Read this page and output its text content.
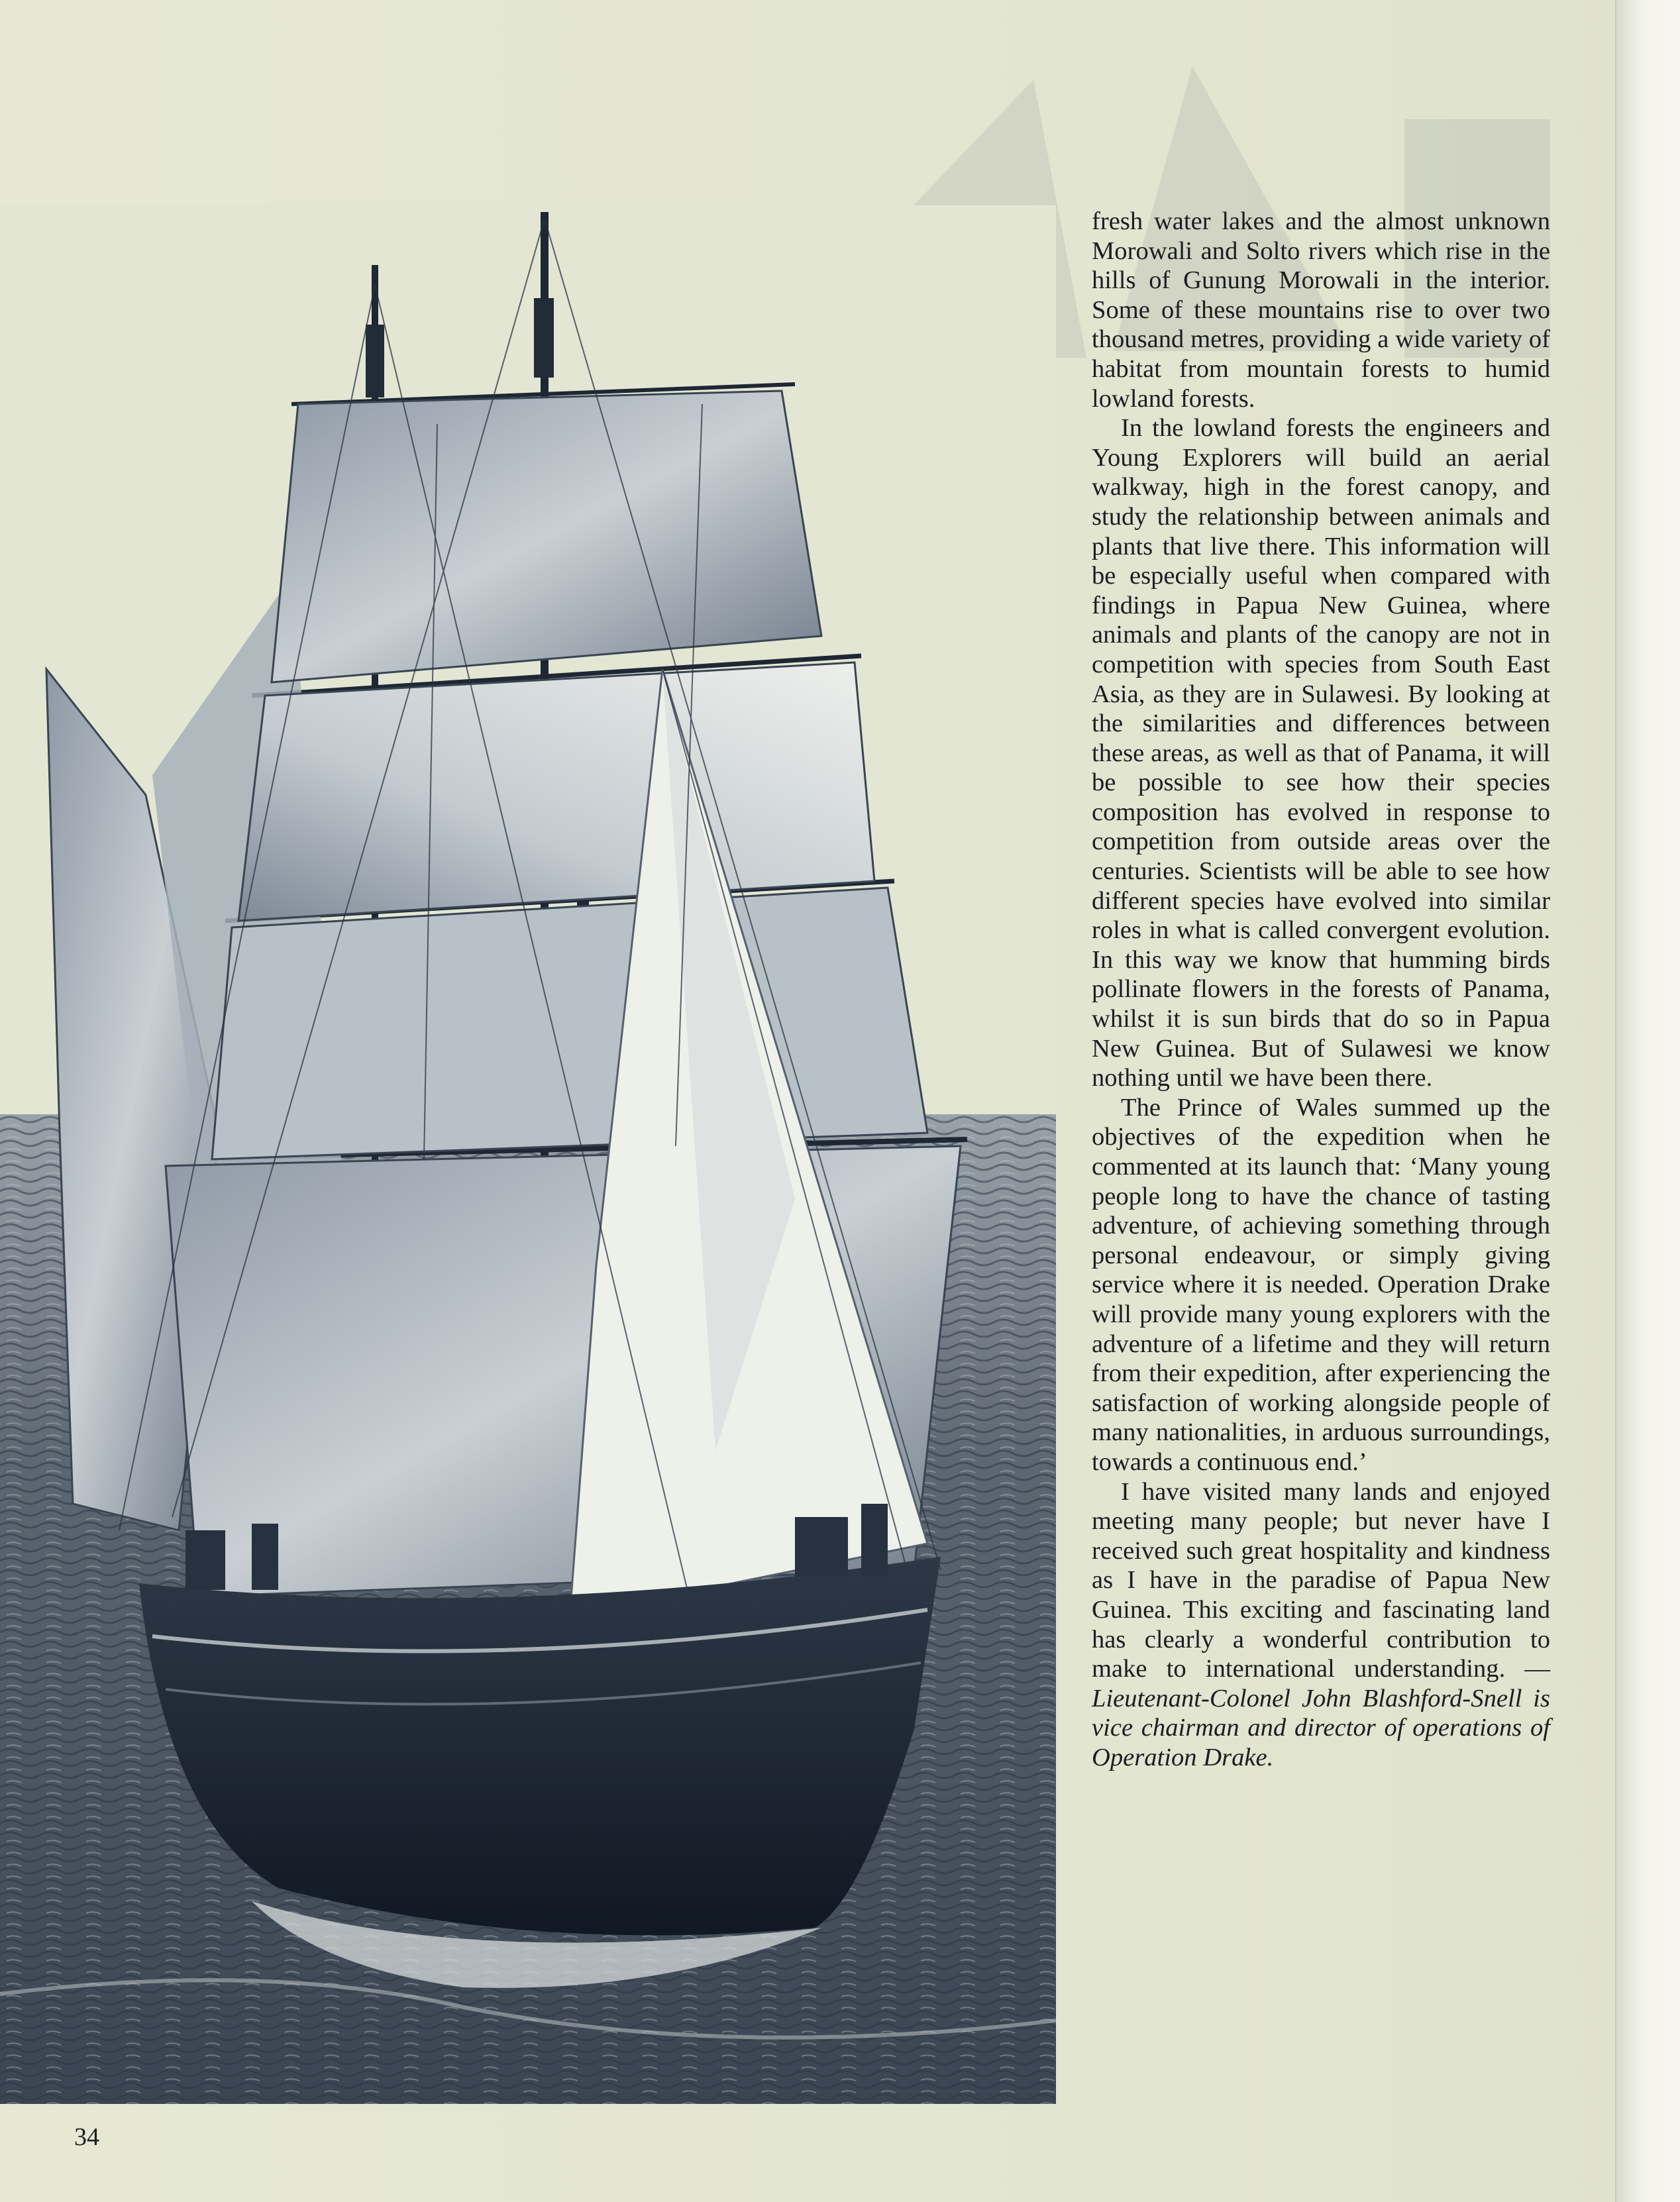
fresh water lakes and the almost unknown Morowali and Solto rivers which rise in the hills of Gunung Morowali in the interior. Some of these mountains rise to over two thousand metres, providing a wide variety of habitat from mountain forests to humid lowland forests.

In the lowland forests the engineers and Young Explorers will build an aerial walkway, high in the forest canopy, and study the relationship between animals and plants that live there. This information will be especially useful when compared with findings in Papua New Guinea, where animals and plants of the canopy are not in competition with species from South East Asia, as they are in Sulawesi. By looking at the similarities and differences between these areas, as well as that of Panama, it will be possible to see how their species composition has evolved in response to competition from outside areas over the centuries. Scientists will be able to see how different species have evolved into similar roles in what is called convergent evolution. In this way we know that humming birds pollinate flowers in the forests of Panama, whilst it is sun birds that do so in Papua New Guinea. But of Sulawesi we know nothing until we have been there.

The Prince of Wales summed up the objectives of the expedition when he commented at its launch that: ‘Many young people long to have the chance of tasting adventure, of achieving something through personal endeavour, or simply giving service where it is needed. Operation Drake will provide many young explorers with the adventure of a lifetime and they will return from their expedition, after experiencing the satisfaction of working alongside people of many nationalities, in arduous surroundings, towards a continuous end.’

I have visited many lands and enjoyed meeting many people; but never have I received such great hospitality and kindness as I have in the paradise of Papua New Guinea. This exciting and fascinating land has clearly a wonderful contribution to make to international understanding. — Lieutenant-Colonel John Blashford-Snell is vice chairman and director of operations of Operation Drake.

34
